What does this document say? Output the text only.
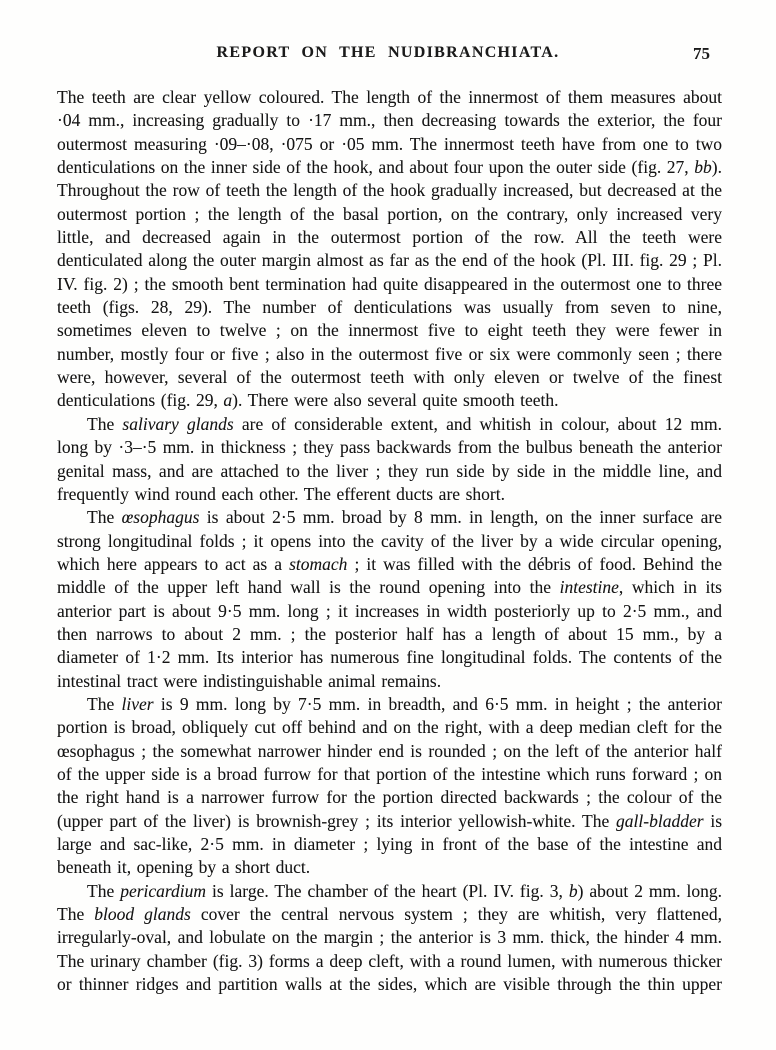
REPORT ON THE NUDIBRANCHIATA.	75

The teeth are clear yellow coloured. The length of the innermost of them measures about ·04 mm., increasing gradually to ·17 mm., then decreasing towards the exterior, the four outermost measuring ·09–·08, ·075 or ·05 mm. The innermost teeth have from one to two denticulations on the inner side of the hook, and about four upon the outer side (fig. 27, bb). Throughout the row of teeth the length of the hook gradually increased, but decreased at the outermost portion ; the length of the basal portion, on the contrary, only increased very little, and decreased again in the outermost portion of the row. All the teeth were denticulated along the outer margin almost as far as the end of the hook (Pl. III. fig. 29 ; Pl. IV. fig. 2) ; the smooth bent termination had quite disappeared in the outermost one to three teeth (figs. 28, 29). The number of denticulations was usually from seven to nine, sometimes eleven to twelve ; on the innermost five to eight teeth they were fewer in number, mostly four or five ; also in the outermost five or six were commonly seen ; there were, however, several of the outermost teeth with only eleven or twelve of the finest denticulations (fig. 29, a). There were also several quite smooth teeth.

The salivary glands are of considerable extent, and whitish in colour, about 12 mm. long by ·3–·5 mm. in thickness ; they pass backwards from the bulbus beneath the anterior genital mass, and are attached to the liver ; they run side by side in the middle line, and frequently wind round each other. The efferent ducts are short.

The œsophagus is about 2·5 mm. broad by 8 mm. in length, on the inner surface are strong longitudinal folds ; it opens into the cavity of the liver by a wide circular opening, which here appears to act as a stomach ; it was filled with the débris of food. Behind the middle of the upper left hand wall is the round opening into the intestine, which in its anterior part is about 9·5 mm. long ; it increases in width posteriorly up to 2·5 mm., and then narrows to about 2 mm. ; the posterior half has a length of about 15 mm., by a diameter of 1·2 mm. Its interior has numerous fine longitudinal folds. The contents of the intestinal tract were indistinguishable animal remains.

The liver is 9 mm. long by 7·5 mm. in breadth, and 6·5 mm. in height ; the anterior portion is broad, obliquely cut off behind and on the right, with a deep median cleft for the œsophagus ; the somewhat narrower hinder end is rounded ; on the left of the anterior half of the upper side is a broad furrow for that portion of the intestine which runs forward ; on the right hand is a narrower furrow for the portion directed backwards ; the colour of the (upper part of the liver) is brownish-grey ; its interior yellowish-white. The gall-bladder is large and sac-like, 2·5 mm. in diameter ; lying in front of the base of the intestine and beneath it, opening by a short duct.

The pericardium is large. The chamber of the heart (Pl. IV. fig. 3, b) about 2 mm. long. The blood glands cover the central nervous system ; they are whitish, very flattened, irregularly-oval, and lobulate on the margin ; the anterior is 3 mm. thick, the hinder 4 mm. The urinary chamber (fig. 3) forms a deep cleft, with a round lumen, with numerous thicker or thinner ridges and partition walls at the sides, which are visible through the thin upper
